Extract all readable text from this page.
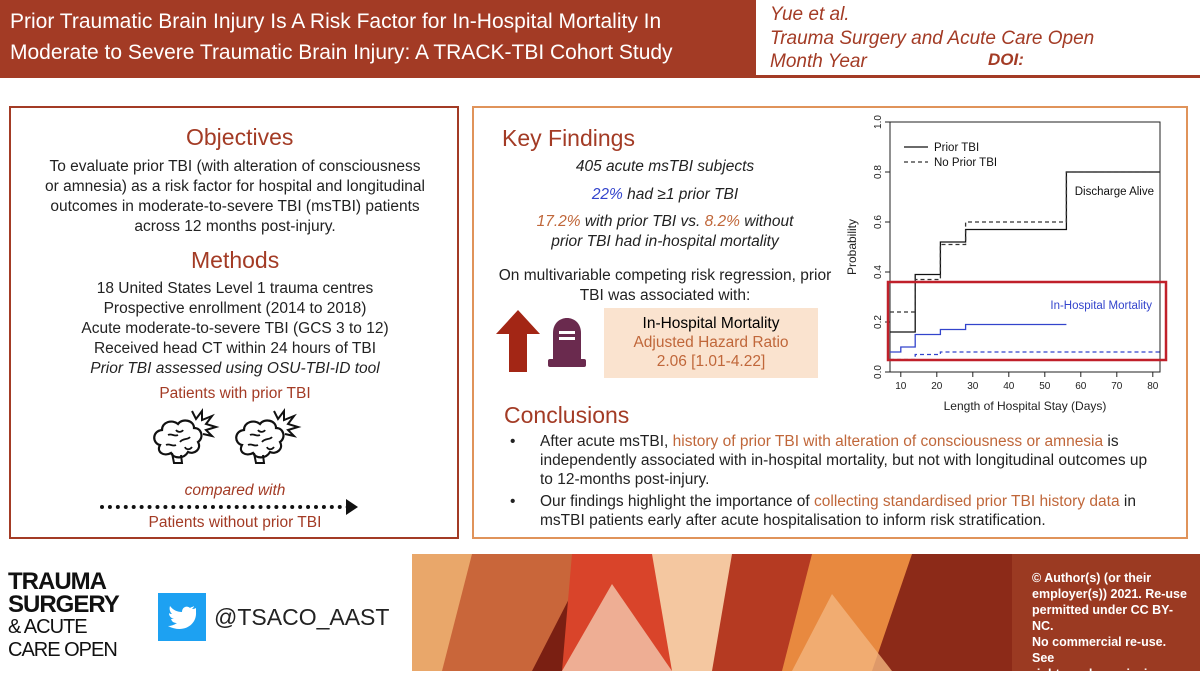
Prior Traumatic Brain Injury Is A Risk Factor for In-Hospital Mortality In
Moderate to Severe Traumatic Brain Injury: A TRACK-TBI Cohort Study
Yue et al.
Trauma Surgery and Acute Care Open
Month Year	DOI:
Objectives
To evaluate prior TBI (with alteration of consciousness
or amnesia) as a risk factor for hospital and longitudinal
outcomes in moderate-to-severe TBI (msTBI) patients
across 12 months post-injury.
Methods
18 United States Level 1 trauma centres
Prospective enrollment (2014 to 2018)
Acute moderate-to-severe TBI (GCS 3 to 12)
Received head CT within 24 hours of TBI
Prior TBI assessed using OSU-TBI-ID tool
Patients with prior TBI
compared with
Patients without prior TBI
Key Findings
405 acute msTBI subjects
22% had ≥1 prior TBI
17.2% with prior TBI vs. 8.2% without
prior TBI had in-hospital mortality
On multivariable competing risk regression, prior
TBI was associated with:
In-Hospital Mortality
Adjusted Hazard Ratio
2.06 [1.01-4.22]
10 20 30 40 50 60 70 80
0.0
0.2
0.4
0.6
0.8
1.0
Length of Hospital Stay (Days)
Probability
Prior TBI
No Prior TBI
Discharge Alive
In-Hospital Mortality
Conclusions
• After acute msTBI, history of prior TBI with alteration of consciousness or amnesia is independently associated with in-hospital mortality, but not with longitudinal outcomes up to 12-months post-injury.
• Our findings highlight the importance of collecting standardised prior TBI history data in msTBI patients early after acute hospitalisation to inform risk stratification.
TRAUMA
SURGERY
& ACUTE
CARE OPEN
@TSACO_AAST
© Author(s) (or their
employer(s)) 2021. Re-use
permitted under CC BY-NC.
No commercial re-use. See
rights and permissions.
Published by BMJ.
